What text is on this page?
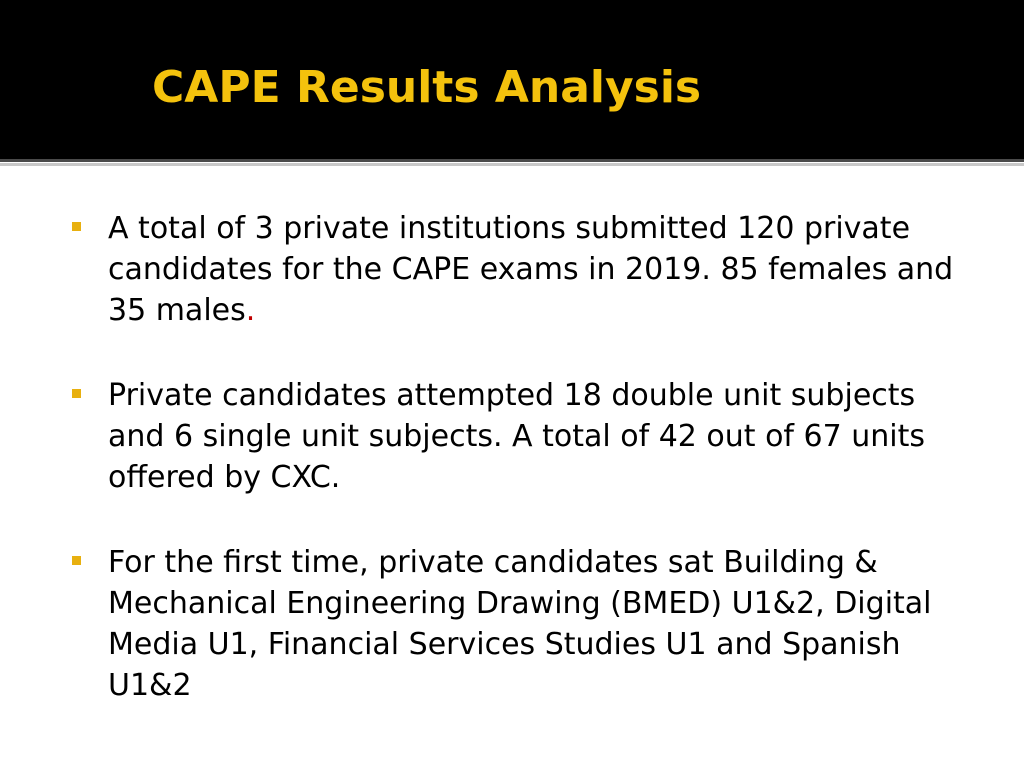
CAPE Results Analysis
A total of 3 private institutions submitted 120 private candidates for the CAPE exams in 2019. 85 females and 35 males.
Private candidates attempted 18 double unit subjects and 6 single unit subjects. A total of 42 out of 67 units offered by CXC.
For the first time, private candidates sat Building & Mechanical Engineering Drawing (BMED) U1&2, Digital Media U1, Financial Services Studies U1 and Spanish U1&2
